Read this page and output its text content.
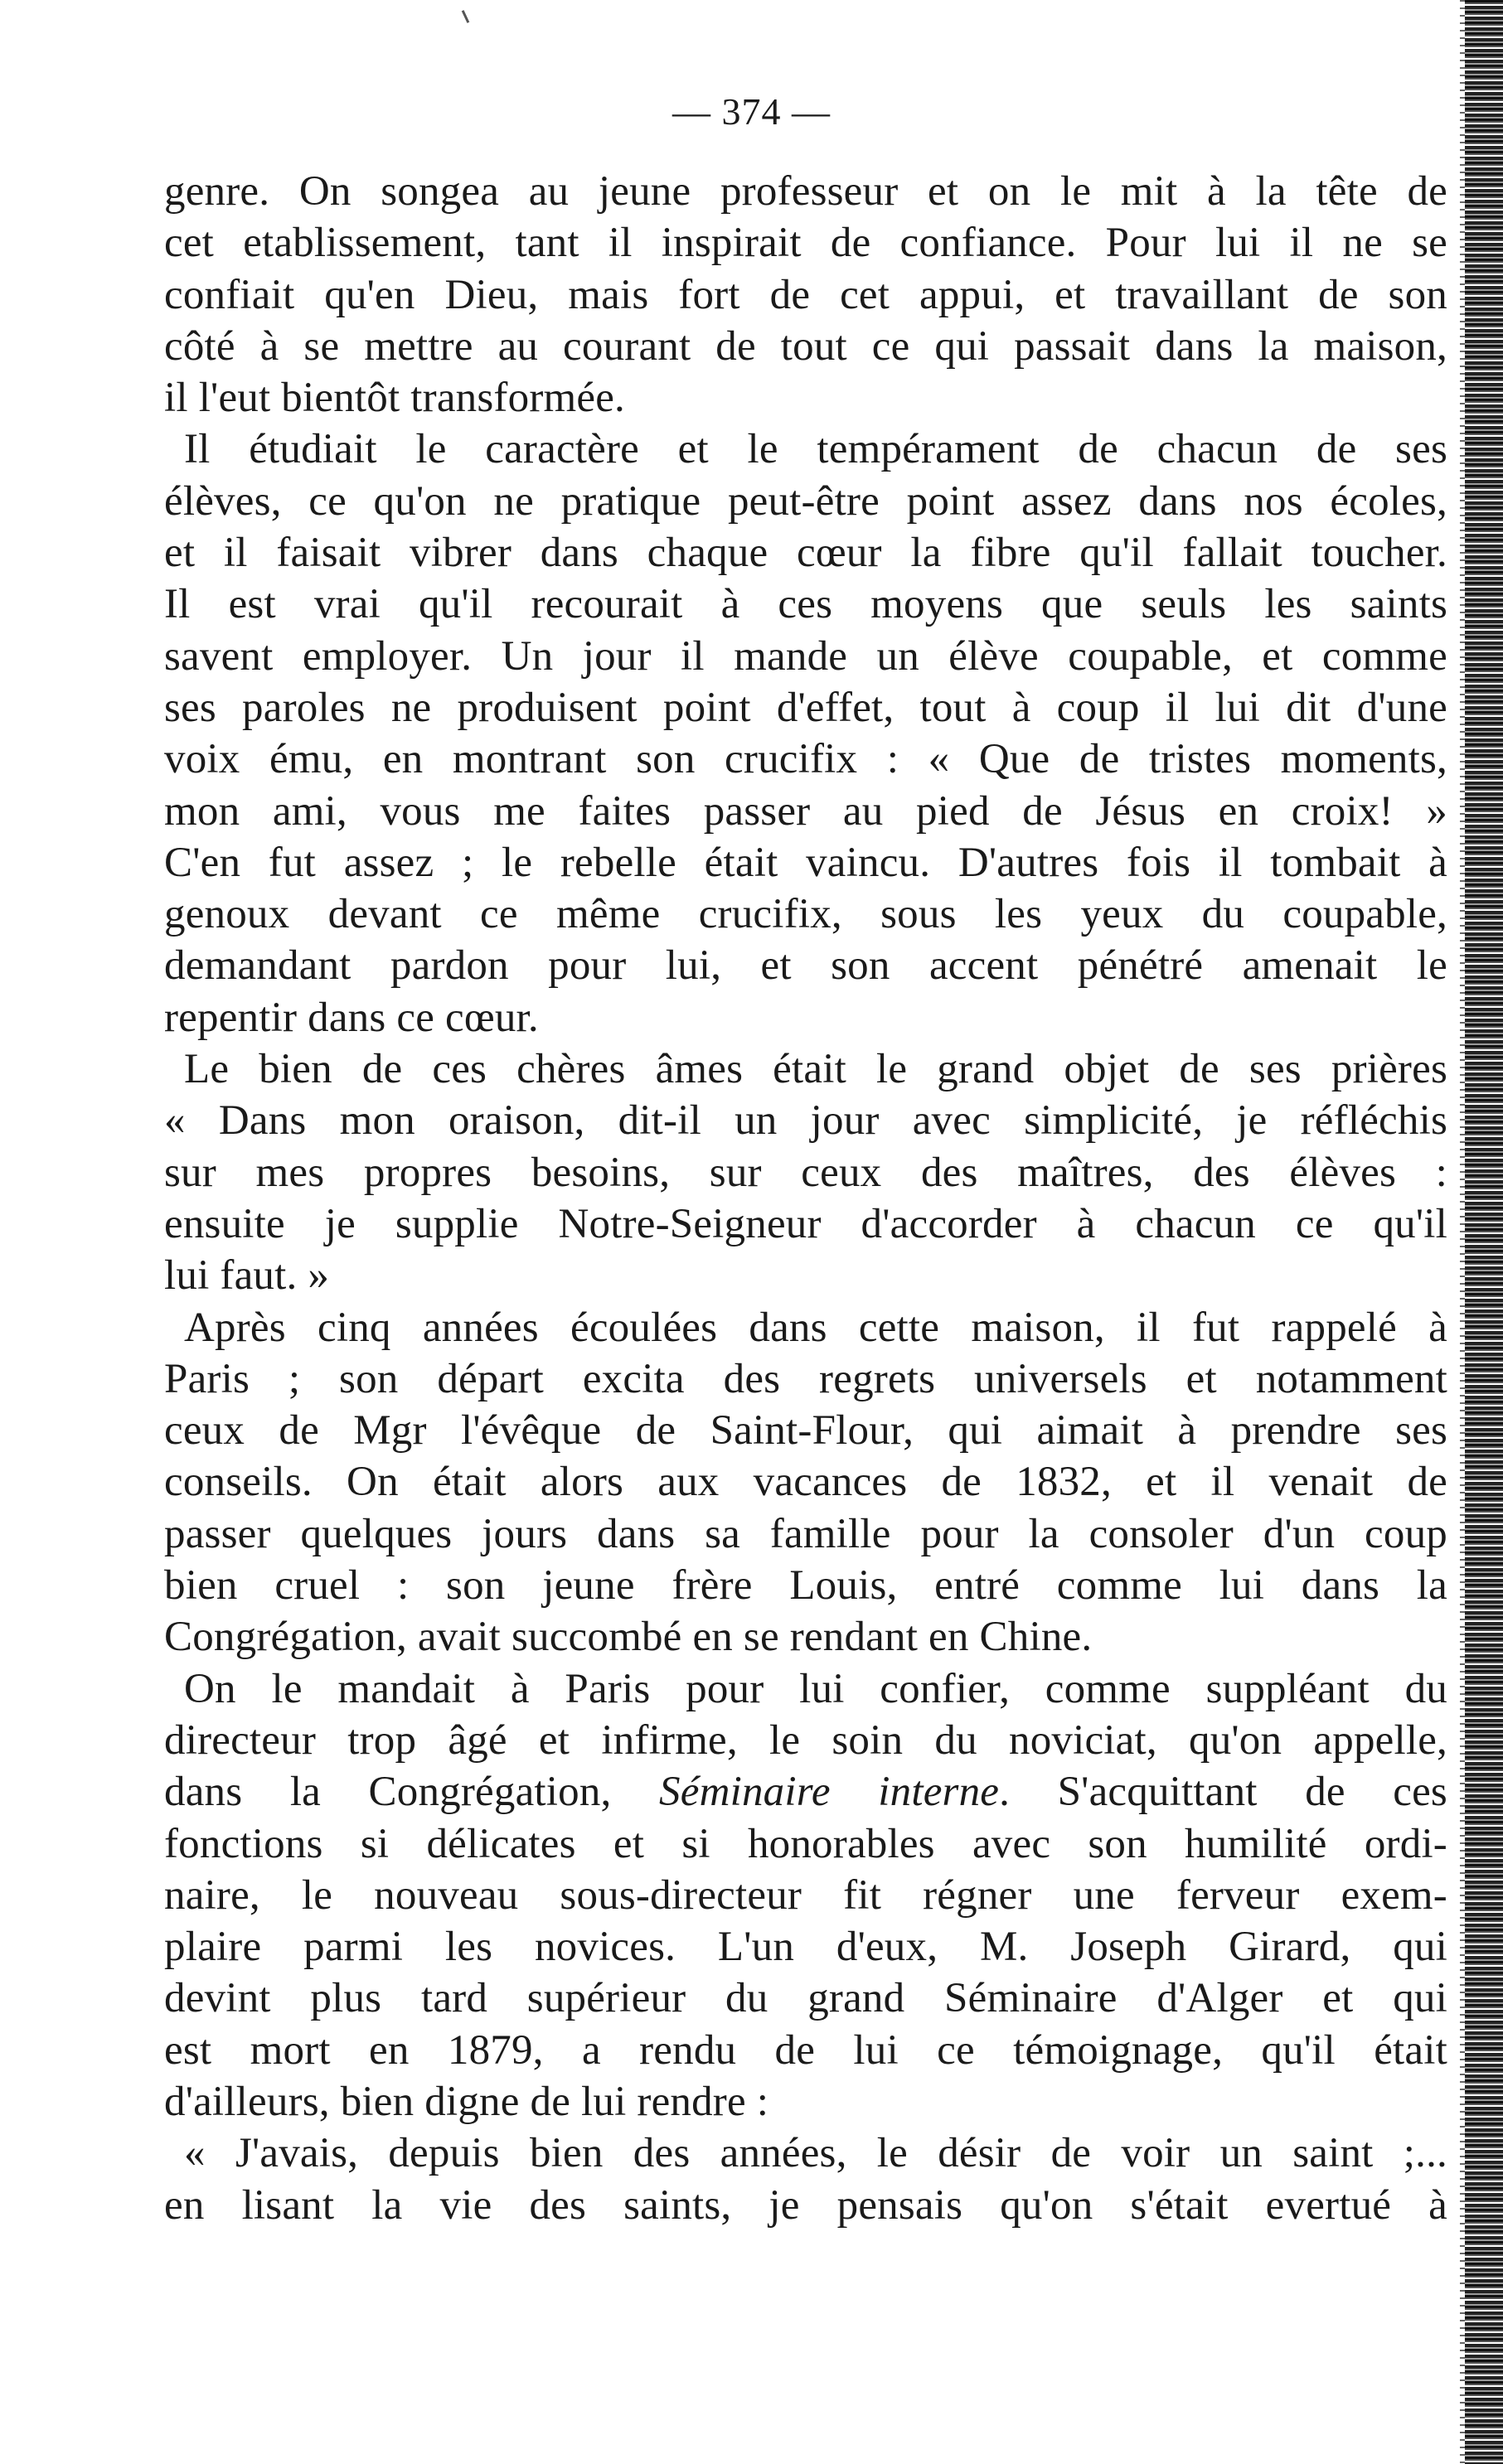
— 374 —
genre. On songea au jeune professeur et on le mit à la tête de
cet etablissement, tant il inspirait de confiance. Pour lui il ne se
confiait qu'en Dieu, mais fort de cet appui, et travaillant de son
côté à se mettre au courant de tout ce qui passait dans la maison,
il l'eut bientôt transformée.
Il étudiait le caractère et le tempérament de chacun de ses
élèves, ce qu'on ne pratique peut-être point assez dans nos écoles,
et il faisait vibrer dans chaque cœur la fibre qu'il fallait toucher.
Il est vrai qu'il recourait à ces moyens que seuls les saints
savent employer. Un jour il mande un élève coupable, et comme
ses paroles ne produisent point d'effet, tout à coup il lui dit d'une
voix ému, en montrant son crucifix : « Que de tristes moments,
mon ami, vous me faites passer au pied de Jésus en croix! »
C'en fut assez ; le rebelle était vaincu. D'autres fois il tombait à
genoux devant ce même crucifix, sous les yeux du coupable,
demandant pardon pour lui, et son accent pénétré amenait le
repentir dans ce cœur.
Le bien de ces chères âmes était le grand objet de ses prières
« Dans mon oraison, dit-il un jour avec simplicité, je réfléchis
sur mes propres besoins, sur ceux des maîtres, des élèves :
ensuite je supplie Notre-Seigneur d'accorder à chacun ce qu'il
lui faut. »
Après cinq années écoulées dans cette maison, il fut rappelé à
Paris ; son départ excita des regrets universels et notamment
ceux de Mgr l'évêque de Saint-Flour, qui aimait à prendre ses
conseils. On était alors aux vacances de 1832, et il venait de
passer quelques jours dans sa famille pour la consoler d'un coup
bien cruel : son jeune frère Louis, entré comme lui dans la
Congrégation, avait succombé en se rendant en Chine.
On le mandait à Paris pour lui confier, comme suppléant du
directeur trop âgé et infirme, le soin du noviciat, qu'on appelle,
dans la Congrégation, Séminaire interne. S'acquittant de ces
fonctions si délicates et si honorables avec son humilité ordi-
naire, le nouveau sous-directeur fit régner une ferveur exem-
plaire parmi les novices. L'un d'eux, M. Joseph Girard, qui
devint plus tard supérieur du grand Séminaire d'Alger et qui
est mort en 1879, a rendu de lui ce témoignage, qu'il était
d'ailleurs, bien digne de lui rendre :
« J'avais, depuis bien des années, le désir de voir un saint ;...
en lisant la vie des saints, je pensais qu'on s'était evertué à
